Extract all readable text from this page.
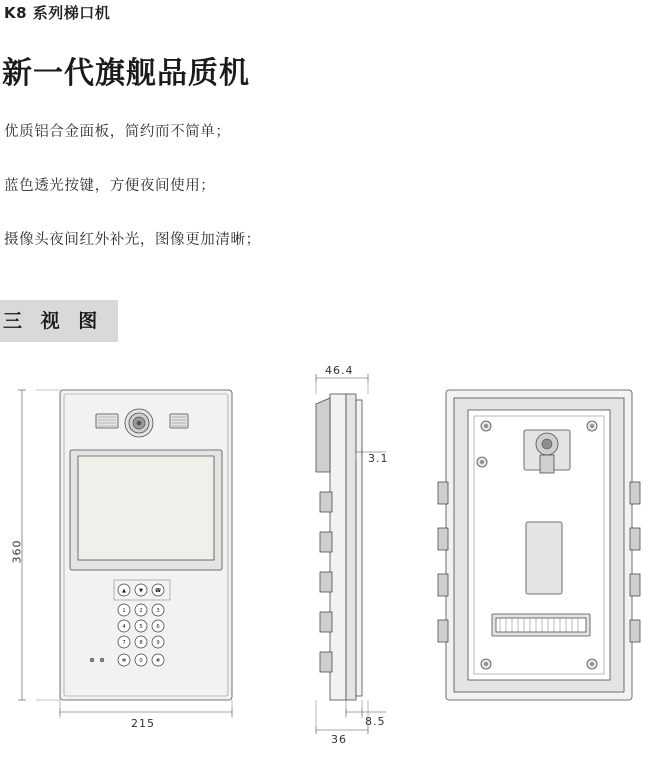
K8 系列梯口机
新一代旗舰品质机
优质铝合金面板，简约而不简单；
蓝色透光按键，方便夜间使用；
摄像头夜间红外补光，图像更加清晰；
三 视 图
▲	▼ ☎
1	2	3
4	5	6
7	8	9
✻	0	#
360
215
46.4
3.1
8.5
36
